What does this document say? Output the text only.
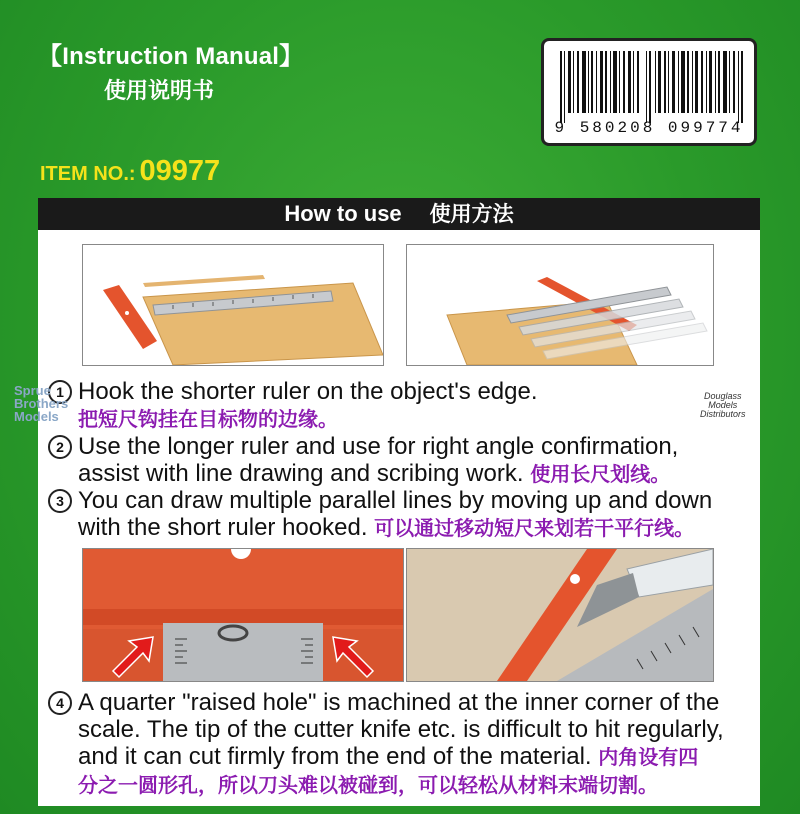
【Instruction Manual】
使用说明书
ITEM NO.: 09977
9 580208 099774
How to use 使用方法
1 Hook the shorter ruler on the object's edge.
把短尺钩挂在目标物的边缘。
2 Use the longer ruler and use for right angle confirmation,
assist with line drawing and scribing work. 使用长尺划线。
3 You can draw multiple parallel lines by moving up and down
with the short ruler hooked. 可以通过移动短尺来划若干平行线。
4 A quarter "raised hole" is machined at the inner corner of the
scale. The tip of the cutter knife etc. is difficult to hit regularly,
and it can cut firmly from the end of the material. 内角设有四
分之一圆形孔，所以刀头难以被碰到，可以轻松从材料末端切割。
Sprue
Brothers
Models
Douglass
Models
Distributors
